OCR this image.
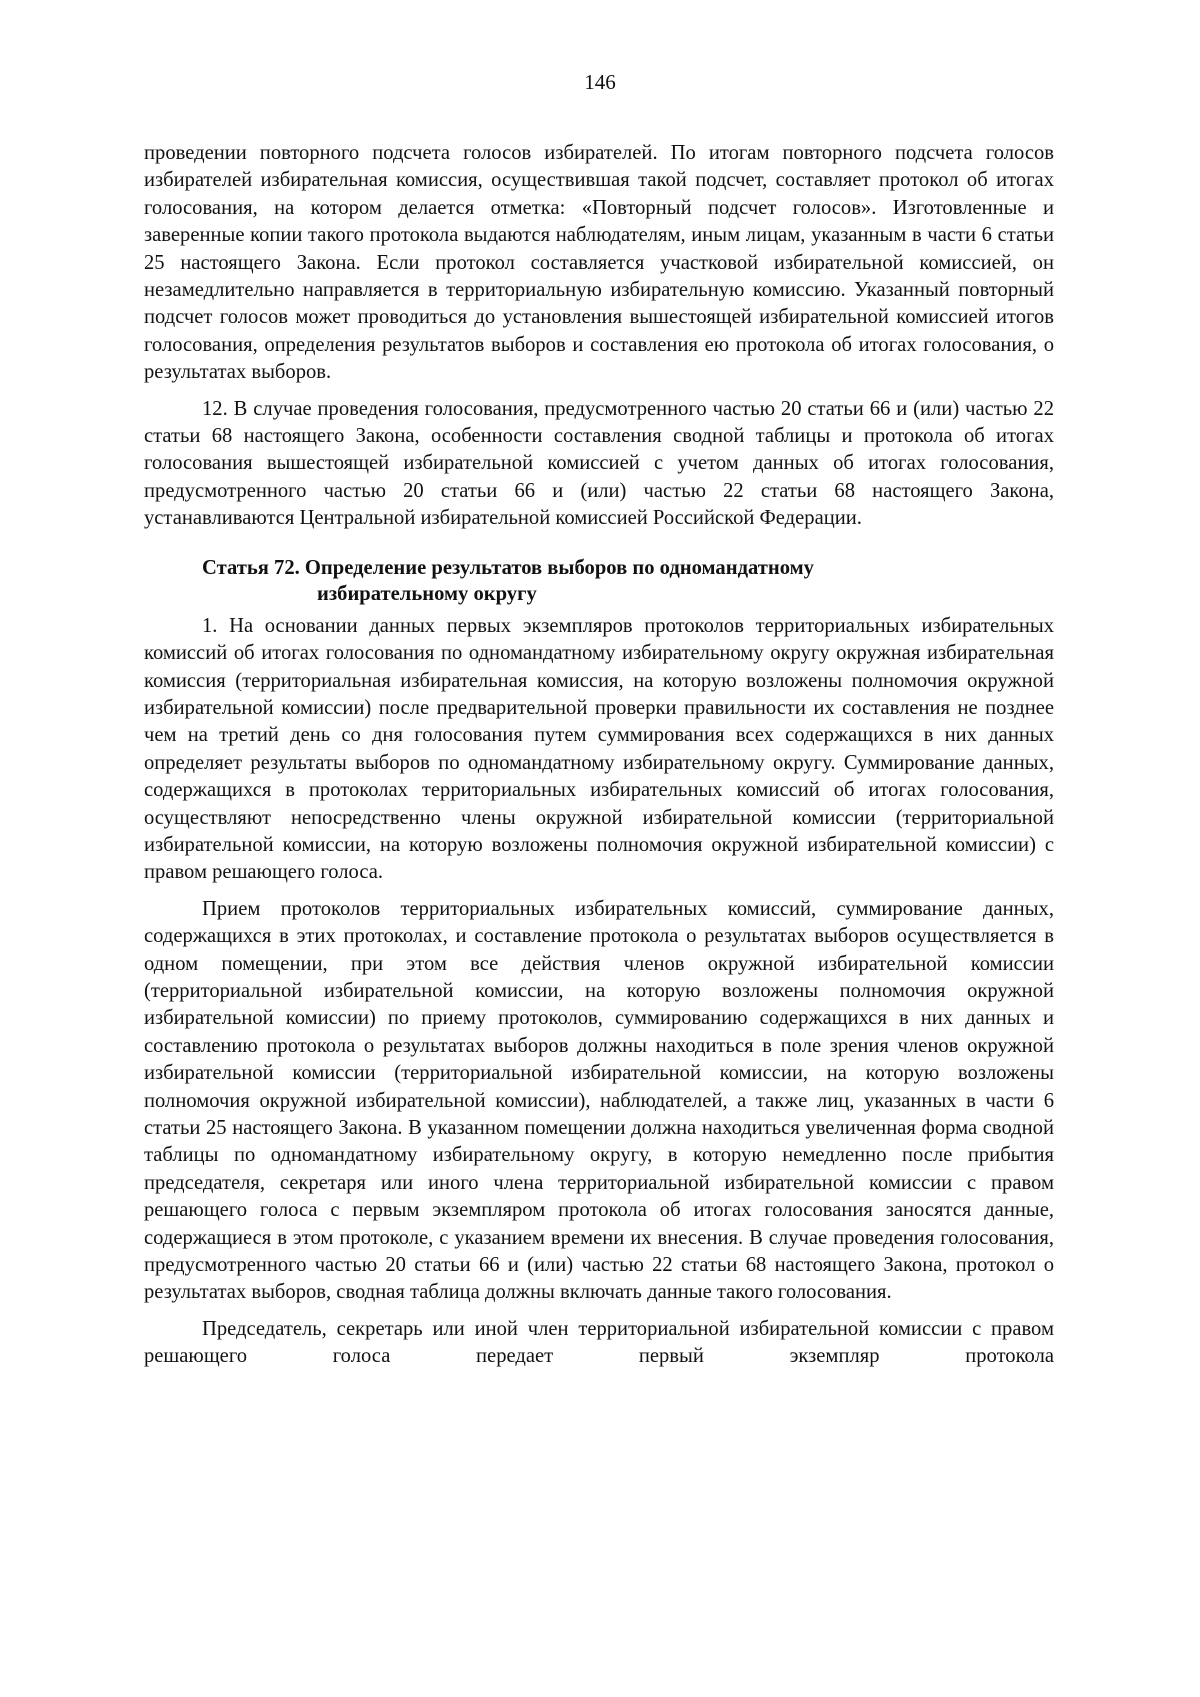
146

проведении повторного подсчета голосов избирателей. По итогам повторного подсчета голосов избирателей избирательная комиссия, осуществившая такой подсчет, составляет протокол об итогах голосования, на котором делается отметка: «Повторный подсчет голосов». Изготовленные и заверенные копии такого протокола выдаются наблюдателям, иным лицам, указанным в части 6 статьи 25 настоящего Закона. Если протокол составляется участковой избирательной комиссией, он незамедлительно направляется в территориальную избирательную комиссию. Указанный повторный подсчет голосов может проводиться до установления вышестоящей избирательной комиссией итогов голосования, определения результатов выборов и составления ею протокола об итогах голосования, о результатах выборов.

12. В случае проведения голосования, предусмотренного частью 20 статьи 66 и (или) частью 22 статьи 68 настоящего Закона, особенности составления сводной таблицы и протокола об итогах голосования вышестоящей избирательной комиссией с учетом данных об итогах голосования, предусмотренного частью 20 статьи 66 и (или) частью 22 статьи 68 настоящего Закона, устанавливаются Центральной избирательной комиссией Российской Федерации.

Статья 72. Определение результатов выборов по одномандатному
избирательному округу

1. На основании данных первых экземпляров протоколов территориальных избирательных комиссий об итогах голосования по одномандатному избирательному округу окружная избирательная комиссия (территориальная избирательная комиссия, на которую возложены полномочия окружной избирательной комиссии) после предварительной проверки правильности их составления не позднее чем на третий день со дня голосования путем суммирования всех содержащихся в них данных определяет результаты выборов по одномандатному избирательному округу. Суммирование данных, содержащихся в протоколах территориальных избирательных комиссий об итогах голосования, осуществляют непосредственно члены окружной избирательной комиссии (территориальной избирательной комиссии, на которую возложены полномочия окружной избирательной комиссии) с правом решающего голоса.

Прием протоколов территориальных избирательных комиссий, суммирование данных, содержащихся в этих протоколах, и составление протокола о результатах выборов осуществляется в одном помещении, при этом все действия членов окружной избирательной комиссии (территориальной избирательной комиссии, на которую возложены полномочия окружной избирательной комиссии) по приему протоколов, суммированию содержащихся в них данных и составлению протокола о результатах выборов должны находиться в поле зрения членов окружной избирательной комиссии (территориальной избирательной комиссии, на которую возложены полномочия окружной избирательной комиссии), наблюдателей, а также лиц, указанных в части 6 статьи 25 настоящего Закона. В указанном помещении должна находиться увеличенная форма сводной таблицы по одномандатному избирательному округу, в которую немедленно после прибытия председателя, секретаря или иного члена территориальной избирательной комиссии с правом решающего голоса с первым экземпляром протокола об итогах голосования заносятся данные, содержащиеся в этом протоколе, с указанием времени их внесения. В случае проведения голосования, предусмотренного частью 20 статьи 66 и (или) частью 22 статьи 68 настоящего Закона, протокол о результатах выборов, сводная таблица должны включать данные такого голосования.

Председатель, секретарь или иной член территориальной избирательной комиссии с правом решающего голоса передает первый экземпляр протокола
